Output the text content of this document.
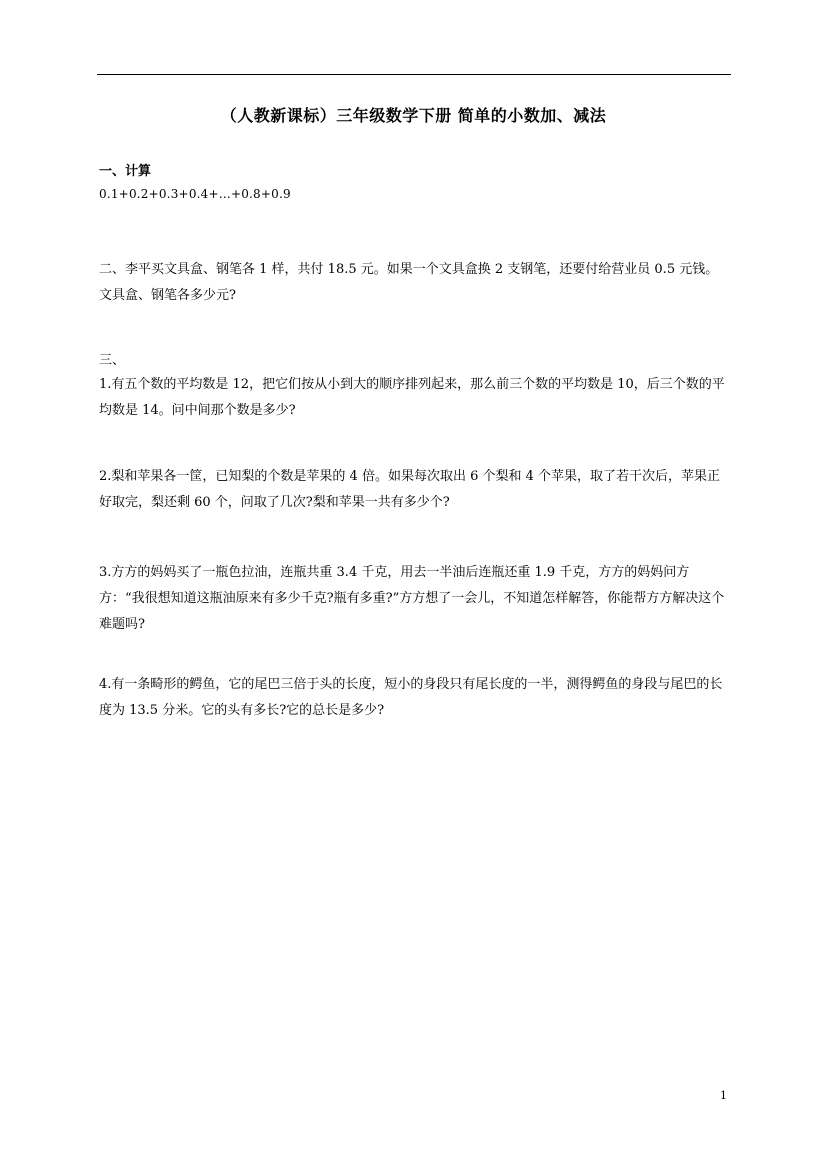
（人教新课标）三年级数学下册 简单的小数加、减法
一、计算
0.1+0.2+0.3+0.4+…+0.8+0.9

二、李平买文具盒、钢笔各 1 样，共付 18.5 元。如果一个文具盒换 2 支钢笔，还要付给营业员 0.5 元钱。文具盒、钢笔各多少元?

三、

1.有五个数的平均数是 12，把它们按从小到大的顺序排列起来，那么前三个数的平均数是 10，后三个数的平均数是 14。问中间那个数是多少?

2.梨和苹果各一筐，已知梨的个数是苹果的 4 倍。如果每次取出 6 个梨和 4 个苹果，取了若干次后，苹果正好取完，梨还剩 60 个，问取了几次?梨和苹果一共有多少个?

3.方方的妈妈买了一瓶色拉油，连瓶共重 3.4 千克，用去一半油后连瓶还重 1.9 千克，方方的妈妈问方方：“我很想知道这瓶油原来有多少千克?瓶有多重?”方方想了一会儿，不知道怎样解答，你能帮方方解决这个难题吗?

4.有一条畸形的鳄鱼，它的尾巴三倍于头的长度，短小的身段只有尾长度的一半，测得鳄鱼的身段与尾巴的长度为 13.5 分米。它的头有多长?它的总长是多少?

1
